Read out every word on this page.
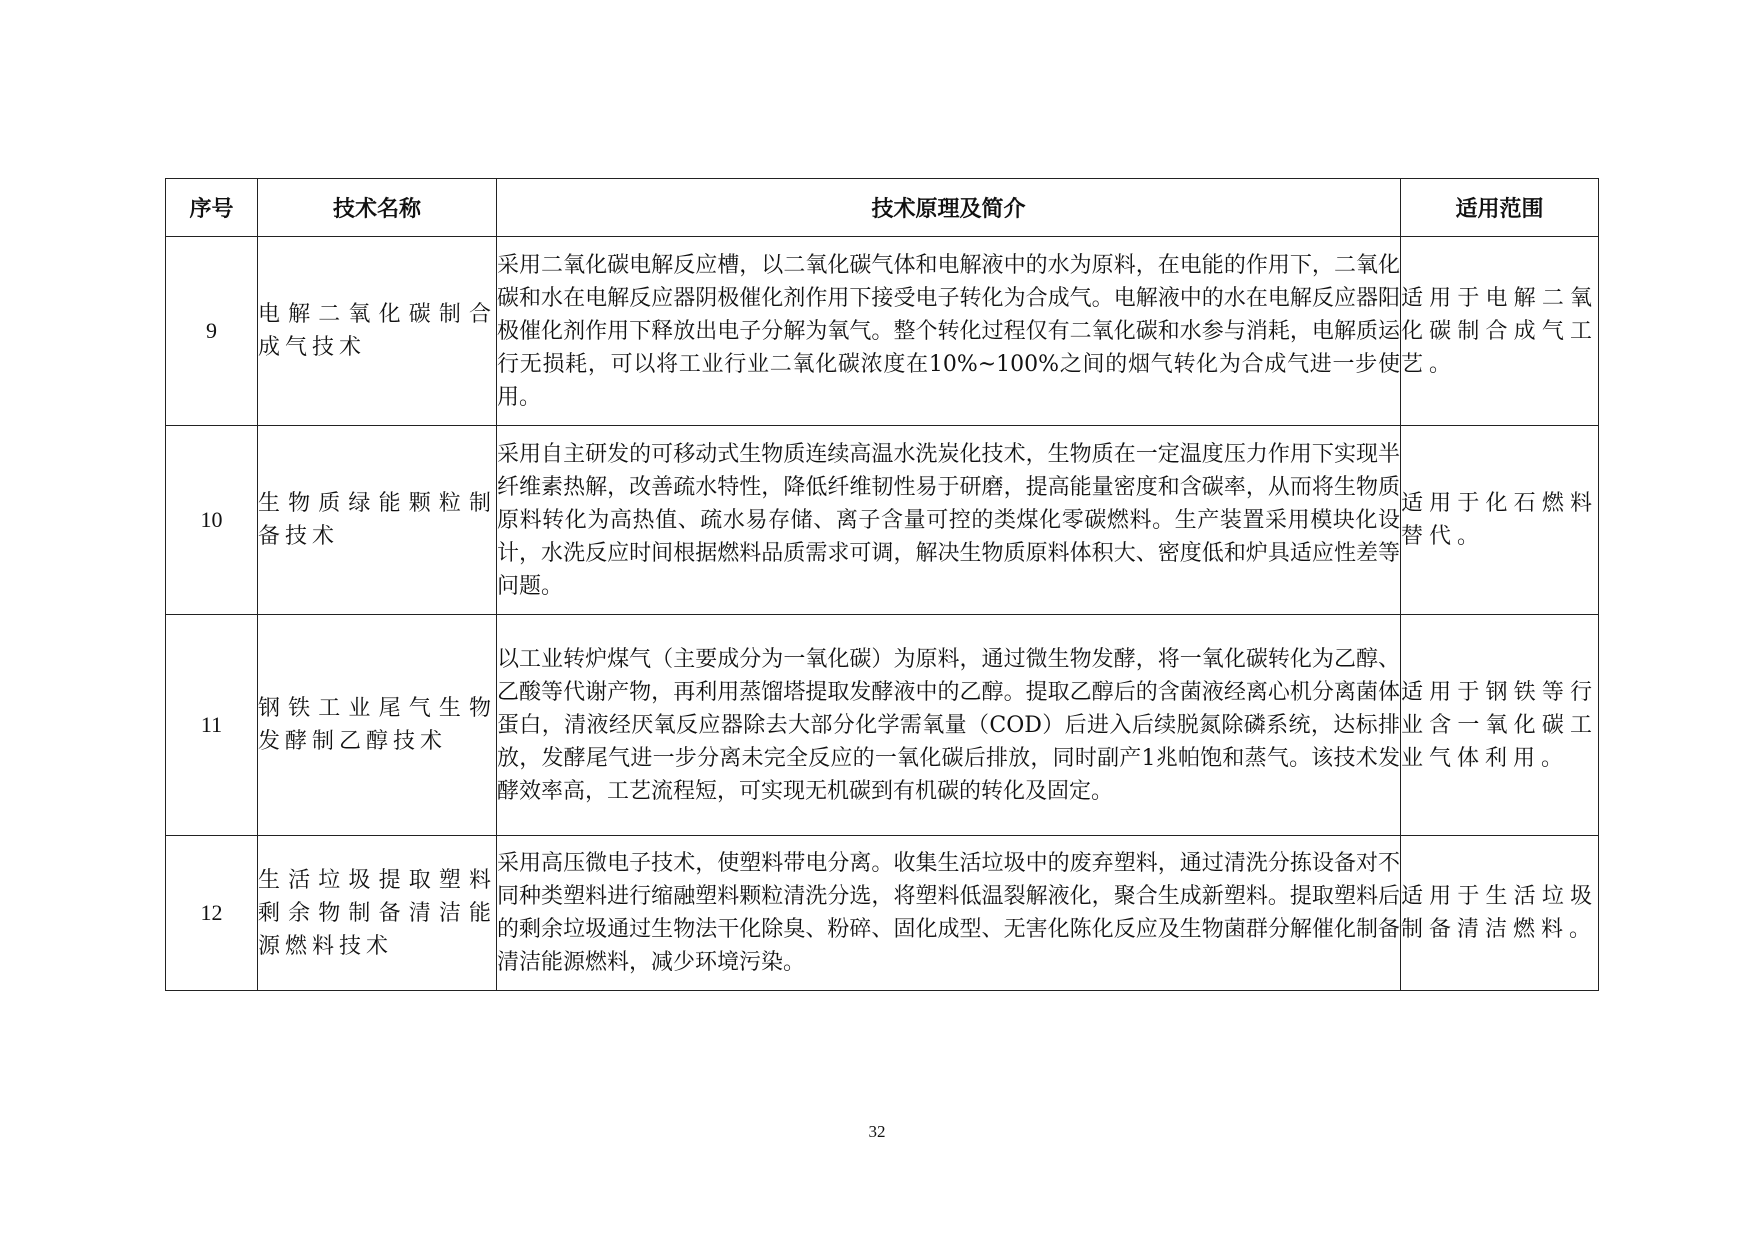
序号	技术名称	技术原理及简介	适用范围
9	电解二氧化碳制合成气技术	采用二氧化碳电解反应槽，以二氧化碳气体和电解液中的水为原料，在电能的作用下，二氧化碳和水在电解反应器阴极催化剂作用下接受电子转化为合成气。电解液中的水在电解反应器阳极催化剂作用下释放出电子分解为氧气。整个转化过程仅有二氧化碳和水参与消耗，电解质运行无损耗，可以将工业行业二氧化碳浓度在10%~100%之间的烟气转化为合成气进一步使用。	适用于电解二氧化碳制合成气工艺。
10	生物质绿能颗粒制备技术	采用自主研发的可移动式生物质连续高温水洗炭化技术，生物质在一定温度压力作用下实现半纤维素热解，改善疏水特性，降低纤维韧性易于研磨，提高能量密度和含碳率，从而将生物质原料转化为高热值、疏水易存储、离子含量可控的类煤化零碳燃料。生产装置采用模块化设计，水洗反应时间根据燃料品质需求可调，解决生物质原料体积大、密度低和炉具适应性差等问题。	适用于化石燃料替代。
11	钢铁工业尾气生物发酵制乙醇技术	以工业转炉煤气（主要成分为一氧化碳）为原料，通过微生物发酵，将一氧化碳转化为乙醇、乙酸等代谢产物，再利用蒸馏塔提取发酵液中的乙醇。提取乙醇后的含菌液经离心机分离菌体蛋白，清液经厌氧反应器除去大部分化学需氧量（COD）后进入后续脱氮除磷系统，达标排放，发酵尾气进一步分离未完全反应的一氧化碳后排放，同时副产1兆帕饱和蒸气。该技术发酵效率高，工艺流程短，可实现无机碳到有机碳的转化及固定。	适用于钢铁等行业含一氧化碳工业气体利用。
12	生活垃圾提取塑料剩余物制备清洁能源燃料技术	采用高压微电子技术，使塑料带电分离。收集生活垃圾中的废弃塑料，通过清洗分拣设备对不同种类塑料进行缩融塑料颗粒清洗分选，将塑料低温裂解液化，聚合生成新塑料。提取塑料后的剩余垃圾通过生物法干化除臭、粉碎、固化成型、无害化陈化反应及生物菌群分解催化制备清洁能源燃料，减少环境污染。	适用于生活垃圾制备清洁燃料。
32
